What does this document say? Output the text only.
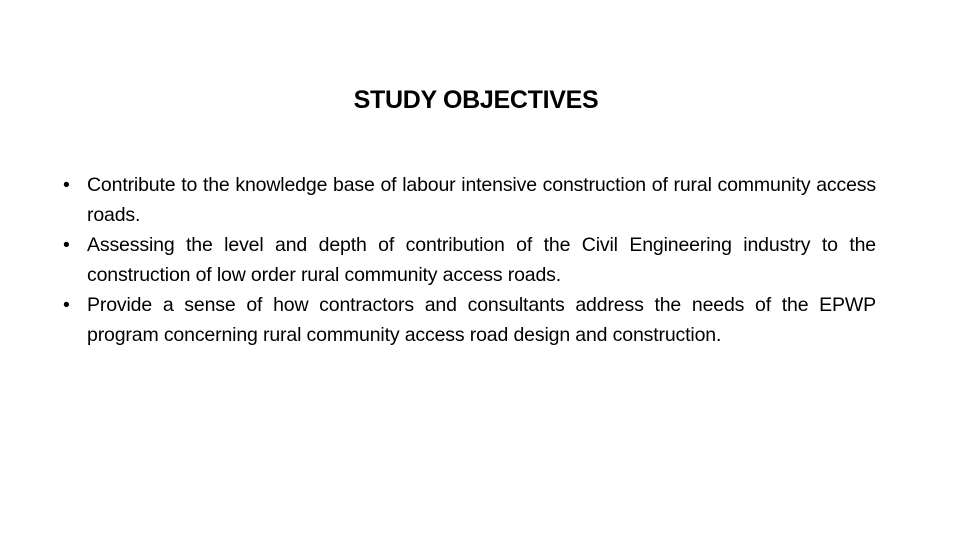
STUDY OBJECTIVES
• Contribute to the knowledge base of labour intensive construction of rural community access roads.
• Assessing the level and depth of contribution of the Civil Engineering industry to the construction of low order rural community access roads.
• Provide a sense of how contractors and consultants address the needs of the EPWP program concerning rural community access road design and construction.
